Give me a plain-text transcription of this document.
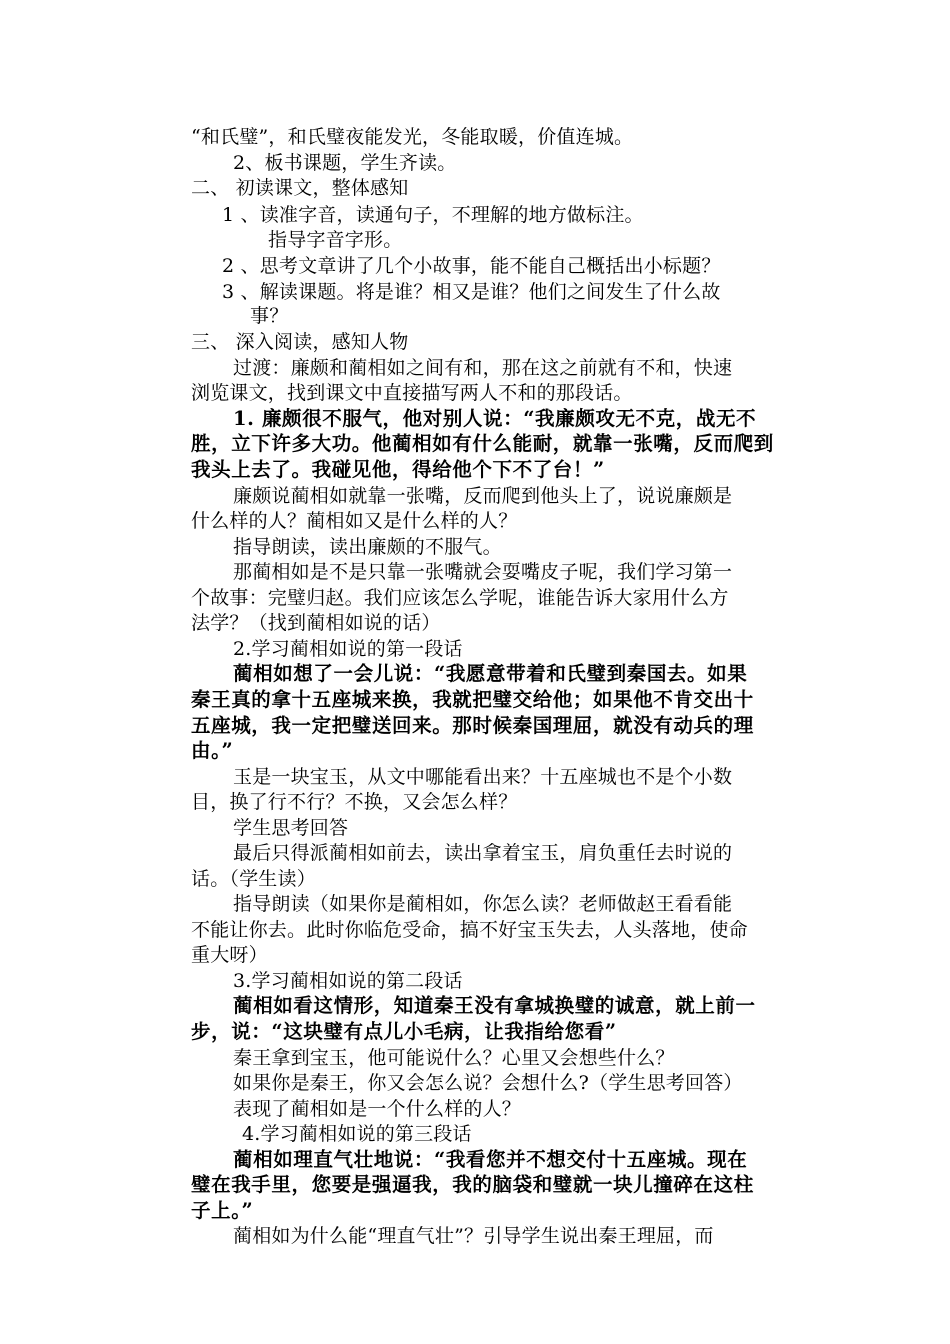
“和氏璧”，和氏璧夜能发光，冬能取暖，价值连城。
2、板书课题，学生齐读。
二、 初读课文，整体感知
1 、读准字音，读通句子，不理解的地方做标注。
指导字音字形。
2 、思考文章讲了几个小故事，能不能自己概括出小标题？
3 、解读课题。将是谁？相又是谁？他们之间发生了什么故
事？
三、 深入阅读，感知人物
过渡：廉颇和蔺相如之间有和，那在这之前就有不和，快速
浏览课文，找到课文中直接描写两人不和的那段话。
1. 廉颇很不服气，他对别人说：“我廉颇攻无不克，战无不
胜，立下许多大功。他蔺相如有什么能耐，就靠一张嘴，反而爬到
我头上去了。我碰见他，得给他个下不了台！”
廉颇说蔺相如就靠一张嘴，反而爬到他头上了，说说廉颇是
什么样的人？蔺相如又是什么样的人？
指导朗读，读出廉颇的不服气。
那蔺相如是不是只靠一张嘴就会耍嘴皮子呢，我们学习第一
个故事：完璧归赵。我们应该怎么学呢，谁能告诉大家用什么方
法学？（找到蔺相如说的话）
2.学习蔺相如说的第一段话
蔺相如想了一会儿说：“我愿意带着和氏璧到秦国去。如果
秦王真的拿十五座城来换，我就把璧交给他；如果他不肯交出十
五座城，我一定把璧送回来。那时候秦国理屈，就没有动兵的理
由。”
玉是一块宝玉，从文中哪能看出来？十五座城也不是个小数
目，换了行不行？不换，又会怎么样？
学生思考回答
最后只得派蔺相如前去，读出拿着宝玉，肩负重任去时说的
话。（学生读）
指导朗读（如果你是蔺相如，你怎么读？老师做赵王看看能
不能让你去。此时你临危受命，搞不好宝玉失去，人头落地，使命
重大呀）
3.学习蔺相如说的第二段话
蔺相如看这情形，知道秦王没有拿城换璧的诚意，就上前一
步，说：“这块璧有点儿小毛病，让我指给您看”
秦王拿到宝玉，他可能说什么？心里又会想些什么？
如果你是秦王，你又会怎么说？会想什么?（学生思考回答）
表现了蔺相如是一个什么样的人？
4.学习蔺相如说的第三段话
蔺相如理直气壮地说：“我看您并不想交付十五座城。现在
璧在我手里，您要是强逼我，我的脑袋和璧就一块儿撞碎在这柱
子上。”
蔺相如为什么能“理直气壮”？引导学生说出秦王理屈，而
